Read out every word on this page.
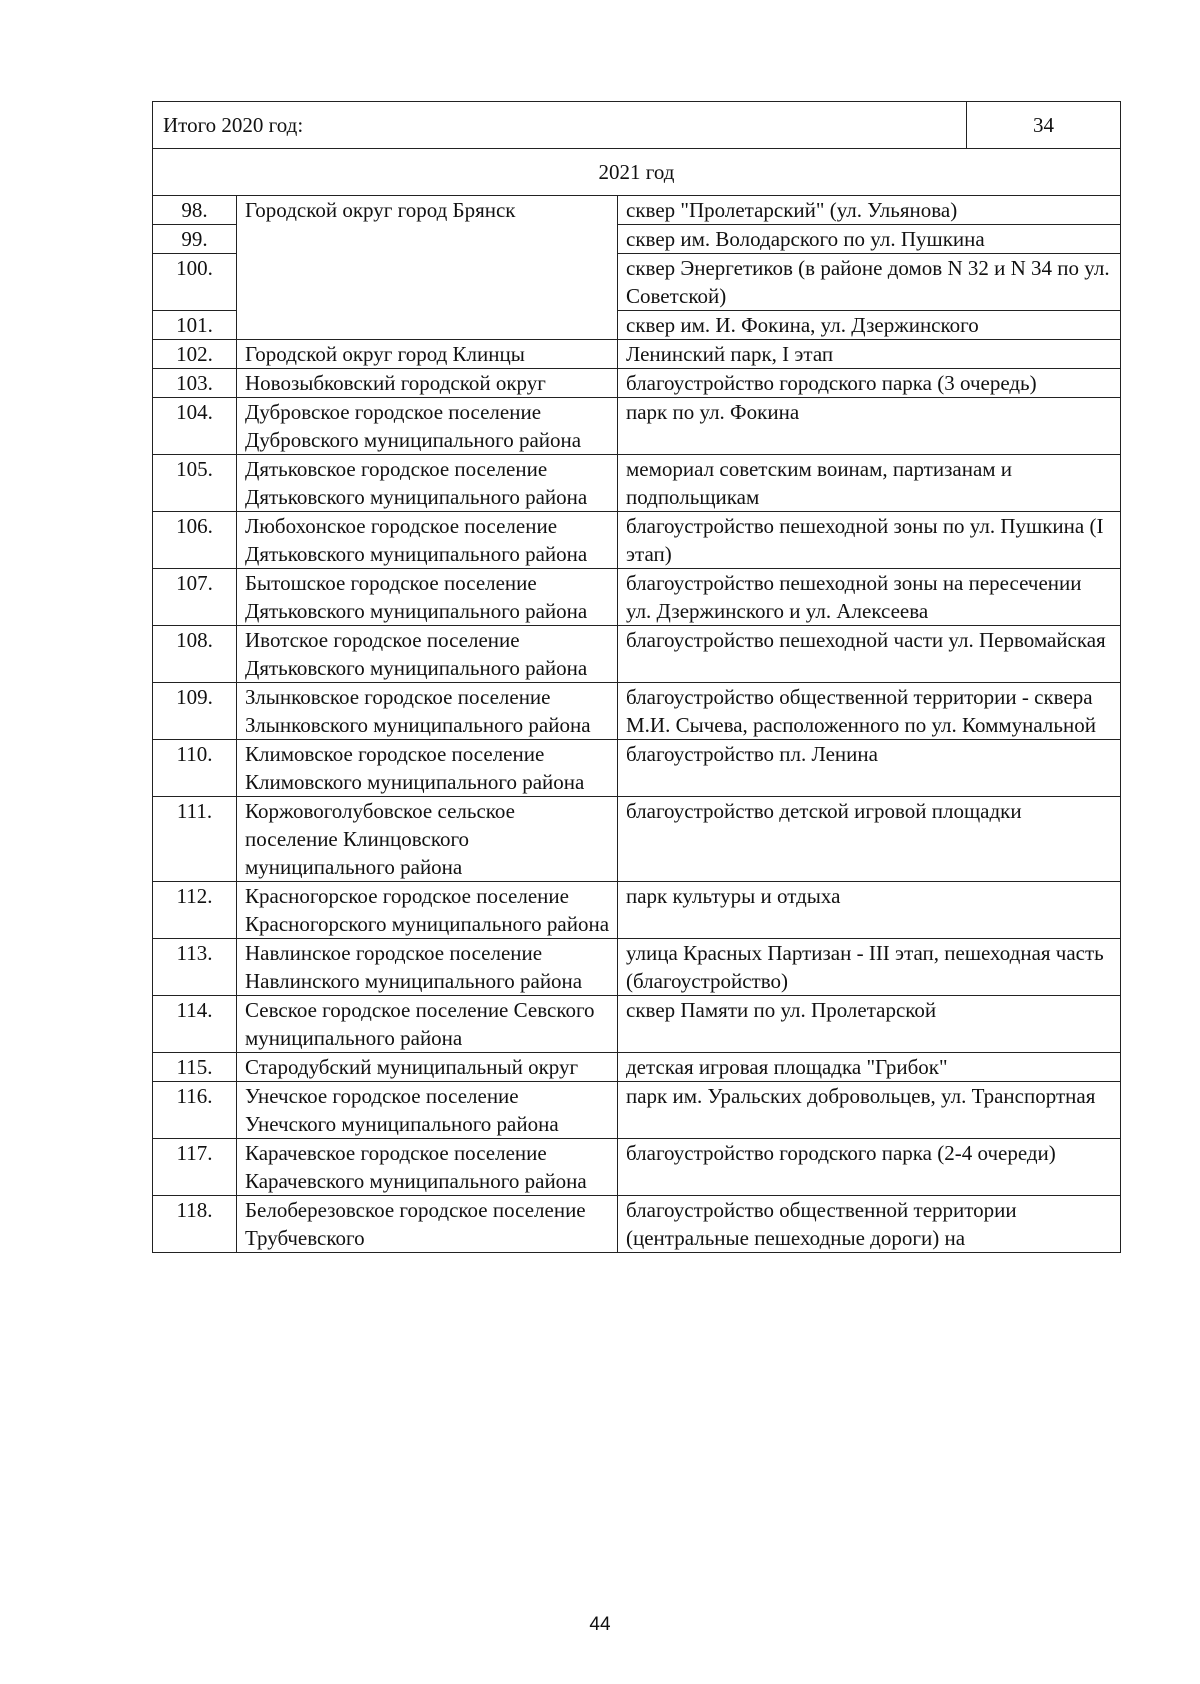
Итого 2020 год:			34
2021 год			
98.	Городской округ город Брянск	сквер "Пролетарский" (ул. Ульянова)	
99.		сквер им. Володарского по ул. Пушкина	
100.		сквер Энергетиков (в районе домов N 32 и N 34 по ул. Советской)	
101.		сквер им. И. Фокина, ул. Дзержинского	
102.	Городской округ город Клинцы	Ленинский парк, I этап	
103.	Новозыбковский городской округ	благоустройство городского парка (3 очередь)	
104.	Дубровское городское поселение Дубровского муниципального района	парк по ул. Фокина	
105.	Дятьковское городское поселение Дятьковского муниципального района	мемориал советским воинам, партизанам и подпольщикам	
106.	Любохонское городское поселение Дятьковского муниципального района	благоустройство пешеходной зоны по ул. Пушкина (I этап)	
107.	Бытошское городское поселение Дятьковского муниципального района	благоустройство пешеходной зоны на пересечении ул. Дзержинского и ул. Алексеева	
108.	Ивотское городское поселение Дятьковского муниципального района	благоустройство пешеходной части ул. Первомайская	
109.	Злынковское городское поселение Злынковского муниципального района	благоустройство общественной территории - сквера М.И. Сычева, расположенного по ул. Коммунальной	
110.	Климовское городское поселение Климовского муниципального района	благоустройство пл. Ленина	
111.	Коржовоголубовское сельское поселение Клинцовского муниципального района	благоустройство детской игровой площадки	
112.	Красногорское городское поселение Красногорского муниципального района	парк культуры и отдыха	
113.	Навлинское городское поселение Навлинского муниципального района	улица Красных Партизан - III этап, пешеходная часть (благоустройство)	
114.	Севское городское поселение Севского муниципального района	сквер Памяти по ул. Пролетарской	
115.	Стародубский муниципальный округ	детская игровая площадка "Грибок"	
116.	Унечское городское поселение Унечского муниципального района	парк им. Уральских добровольцев, ул. Транспортная	
117.	Карачевское городское поселение Карачевского муниципального района	благоустройство городского парка (2-4 очереди)	
118.	Белоберезовское городское поселение Трубчевского	благоустройство общественной территории (центральные пешеходные дороги) на	
44
